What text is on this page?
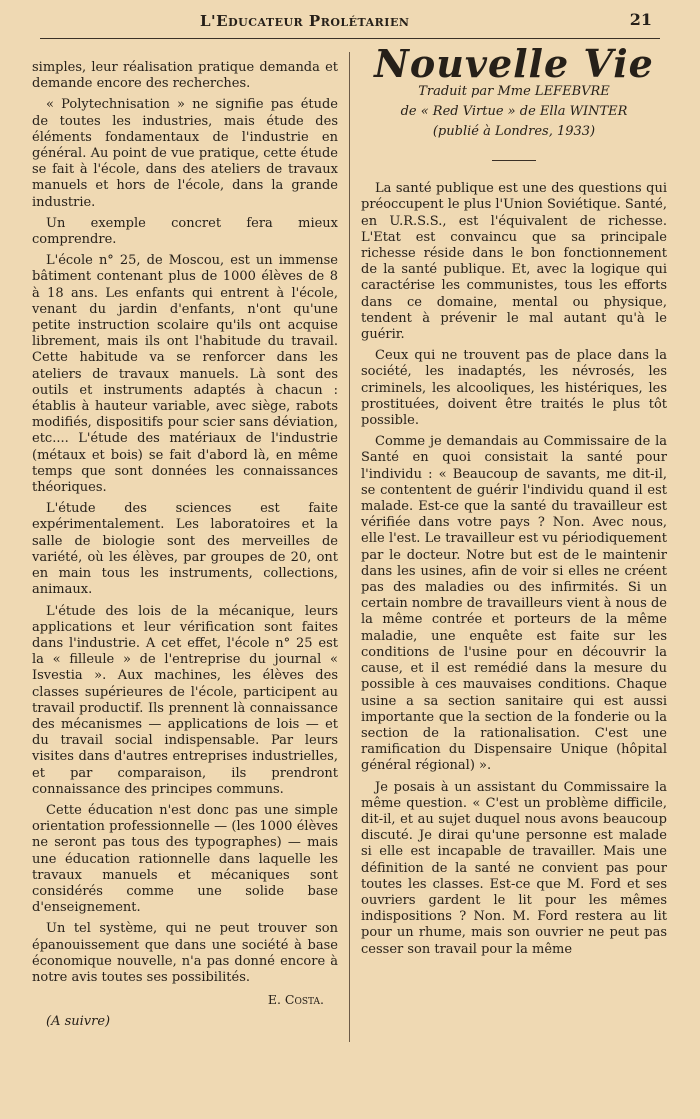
L'Educateur Prolétarien	21

simples, leur réalisation pratique demanda et demande encore des recherches.

« Polytechnisation » ne signifie pas étude de toutes les industries, mais étude des éléments fondamentaux de l'industrie en général. Au point de vue pratique, cette étude se fait à l'école, dans des ateliers de travaux manuels et hors de l'école, dans la grande industrie.

Un exemple concret fera mieux comprendre.

L'école n° 25, de Moscou, est un immense bâtiment contenant plus de 1000 élèves de 8 à 18 ans. Les enfants qui entrent à l'école, venant du jardin d'enfants, n'ont qu'une petite instruction scolaire qu'ils ont acquise librement, mais ils ont l'habitude du travail. Cette habitude va se renforcer dans les ateliers de travaux manuels. Là sont des outils et instruments adaptés à chacun : établis à hauteur variable, avec siège, rabots modifiés, dispositifs pour scier sans déviation, etc.... L'étude des matériaux de l'industrie (métaux et bois) se fait d'abord là, en même temps que sont données les connaissances théoriques.

L'étude des sciences est faite expérimentalement. Les laboratoires et la salle de biologie sont des merveilles de variété, où les élèves, par groupes de 20, ont en main tous les instruments, collections, animaux.

L'étude des lois de la mécanique, leurs applications et leur vérification sont faites dans l'industrie. A cet effet, l'école n° 25 est la « filleule » de l'entreprise du journal « Isvestia ». Aux machines, les élèves des classes supérieures de l'école, participent au travail productif. Ils prennent là connaissance des mécanismes — applications de lois — et du travail social indispensable. Par leurs visites dans d'autres entreprises industrielles, et par comparaison, ils prendront connaissance des principes communs.

Cette éducation n'est donc pas une simple orientation professionnelle — (les 1000 élèves ne seront pas tous des typographes) — mais une éducation rationnelle dans laquelle les travaux manuels et mécaniques sont considérés comme une solide base d'enseignement.

Un tel système, qui ne peut trouver son épanouissement que dans une société à base économique nouvelle, n'a pas donné encore à notre avis toutes ses possibilités.

E. Costa.
(A suivre)
Nouvelle Vie
Traduit par Mme LEFEBVRE
de « Red Virtue » de Ella WINTER
(publié à Londres, 1933)

La santé publique est une des questions qui préoccupent le plus l'Union Soviétique. Santé, en U.R.S.S., est l'équivalent de richesse. L'Etat est convaincu que sa principale richesse réside dans le bon fonctionnement de la santé publique. Et, avec la logique qui caractérise les communistes, tous les efforts dans ce domaine, mental ou physique, tendent à prévenir le mal autant qu'à le guérir.

Ceux qui ne trouvent pas de place dans la société, les inadaptés, les névrosés, les criminels, les alcooliques, les histériques, les prostituées, doivent être traités le plus tôt possible.

Comme je demandais au Commissaire de la Santé en quoi consistait la santé pour l'individu : « Beaucoup de savants, me dit-il, se contentent de guérir l'individu quand il est malade. Est-ce que la santé du travailleur est vérifiée dans votre pays ? Non. Avec nous, elle l'est. Le travailleur est vu périodiquement par le docteur. Notre but est de le maintenir dans les usines, afin de voir si elles ne créent pas des maladies ou des infirmités. Si un certain nombre de travailleurs vient à nous de la même contrée et porteurs de la même maladie, une enquête est faite sur les conditions de l'usine pour en découvrir la cause, et il est remédié dans la mesure du possible à ces mauvaises conditions. Chaque usine a sa section sanitaire qui est aussi importante que la section de la fonderie ou la section de la rationalisation. C'est une ramification du Dispensaire Unique (hôpital général régional) ».

Je posais à un assistant du Commissaire la même question. « C'est un problème difficile, dit-il, et au sujet duquel nous avons beaucoup discuté. Je dirai qu'une personne est malade si elle est incapable de travailler. Mais une définition de la santé ne convient pas pour toutes les classes. Est-ce que M. Ford et ses ouvriers gardent le lit pour les mêmes indispositions ? Non. M. Ford restera au lit pour un rhume, mais son ouvrier ne peut pas cesser son travail pour la même
